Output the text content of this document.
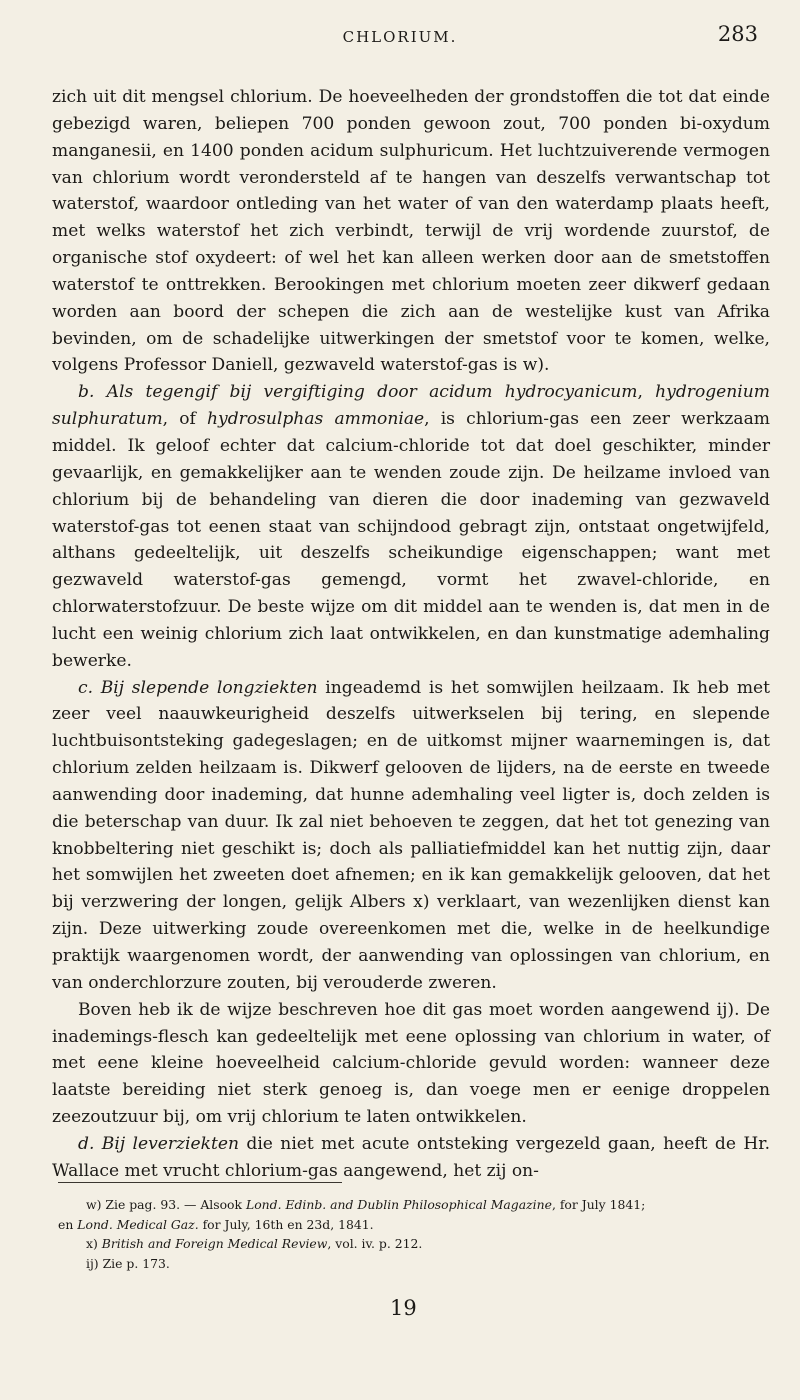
CHLORIUM.	283

zich uit dit mengsel chlorium. De hoeveelheden der grondstoffen die tot dat einde gebezigd waren, beliepen 700 ponden gewoon zout, 700 ponden bi-oxydum manganesii, en 1400 ponden acidum sulphuricum. Het luchtzuiverende vermogen van chlorium wordt verondersteld af te hangen van deszelfs verwantschap tot waterstof, waardoor ontleding van het water of van den waterdamp plaats heeft, met welks waterstof het zich verbindt, terwijl de vrij wordende zuurstof, de organische stof oxydeert: of wel het kan alleen werken door aan de smetstoffen waterstof te onttrekken. Berookingen met chlorium moeten zeer dikwerf gedaan worden aan boord der schepen die zich aan de westelijke kust van Afrika bevinden, om de schadelijke uitwerkingen der smetstof voor te komen, welke, volgens Professor Daniell, gezwaveld waterstof-gas is w).

b. Als tegengif bij vergiftiging door acidum hydrocyanicum, hydrogenium sulphuratum, of hydrosulphas ammoniae, is chlorium-gas een zeer werkzaam middel. Ik geloof echter dat calcium-chloride tot dat doel geschikter, minder gevaarlijk, en gemakkelijker aan te wenden zoude zijn. De heilzame invloed van chlorium bij de behandeling van dieren die door inademing van gezwaveld waterstof-gas tot eenen staat van schijndood gebragt zijn, ontstaat ongetwijfeld, althans gedeeltelijk, uit deszelfs scheikundige eigenschappen; want met gezwaveld waterstof-gas gemengd, vormt het zwavel-chloride, en chlorwaterstofzuur. De beste wijze om dit middel aan te wenden is, dat men in de lucht een weinig chlorium zich laat ontwikkelen, en dan kunstmatige ademhaling bewerke.

c. Bij slepende longziekten ingeademd is het somwijlen heilzaam. Ik heb met zeer veel naauwkeurigheid deszelfs uitwerkselen bij tering, en slepende luchtbuisontsteking gadegeslagen; en de uitkomst mijner waarnemingen is, dat chlorium zelden heilzaam is. Dikwerf gelooven de lijders, na de eerste en tweede aanwending door inademing, dat hunne ademhaling veel ligter is, doch zelden is die beterschap van duur. Ik zal niet behoeven te zeggen, dat het tot genezing van knobbeltering niet geschikt is; doch als palliatiefmiddel kan het nuttig zijn, daar het somwijlen het zweeten doet afnemen; en ik kan gemakkelijk gelooven, dat het bij verzwering der longen, gelijk Albers x) verklaart, van wezenlijken dienst kan zijn. Deze uitwerking zoude overeenkomen met die, welke in de heelkundige praktijk waargenomen wordt, der aanwending van oplossingen van chlorium, en van onderchlorzure zouten, bij verouderde zweren.

Boven heb ik de wijze beschreven hoe dit gas moet worden aangewend ij). De inademings-flesch kan gedeeltelijk met eene oplossing van chlorium in water, of met eene kleine hoeveelheid calcium-chloride gevuld worden: wanneer deze laatste bereiding niet sterk genoeg is, dan voege men er eenige droppelen zeezoutzuur bij, om vrij chlorium te laten ontwikkelen.

d. Bij leverziekten die niet met acute ontsteking vergezeld gaan, heeft de Hr. Wallace met vrucht chlorium-gas aangewend, het zij on-

w) Zie pag. 93. — Alsook Lond. Edinb. and Dublin Philosophical Magazine, for July 1841;

en Lond. Medical Gaz. for July, 16th en 23d, 1841.

x) British and Foreign Medical Review, vol. iv. p. 212.

ij) Zie p. 173.

19
